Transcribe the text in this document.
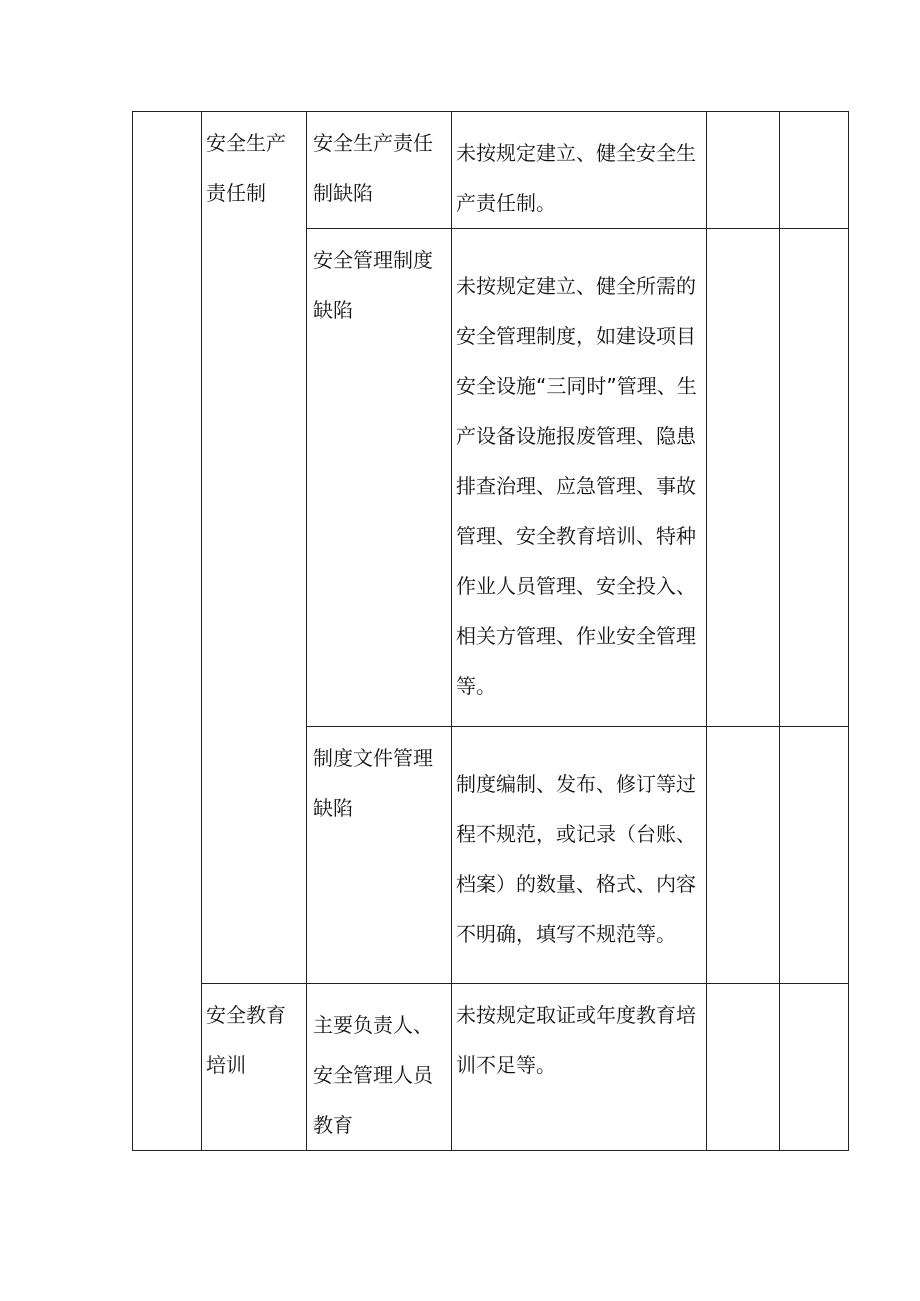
	安全生产责任制	安全生产责任制缺陷	未按规定建立、健全安全生产责任制。		
		安全管理制度缺陷	未按规定建立、健全所需的安全管理制度，如建设项目安全设施“三同时”管理、生产设备设施报废管理、隐患排查治理、应急管理、事故管理、安全教育培训、特种作业人员管理、安全投入、相关方管理、作业安全管理等。		
		制度文件管理缺陷	制度编制、发布、修订等过程不规范，或记录（台账、档案）的数量、格式、内容不明确，填写不规范等。		
	安全教育培训	主要负责人、安全管理人员教育	未按规定取证或年度教育培训不足等。		
